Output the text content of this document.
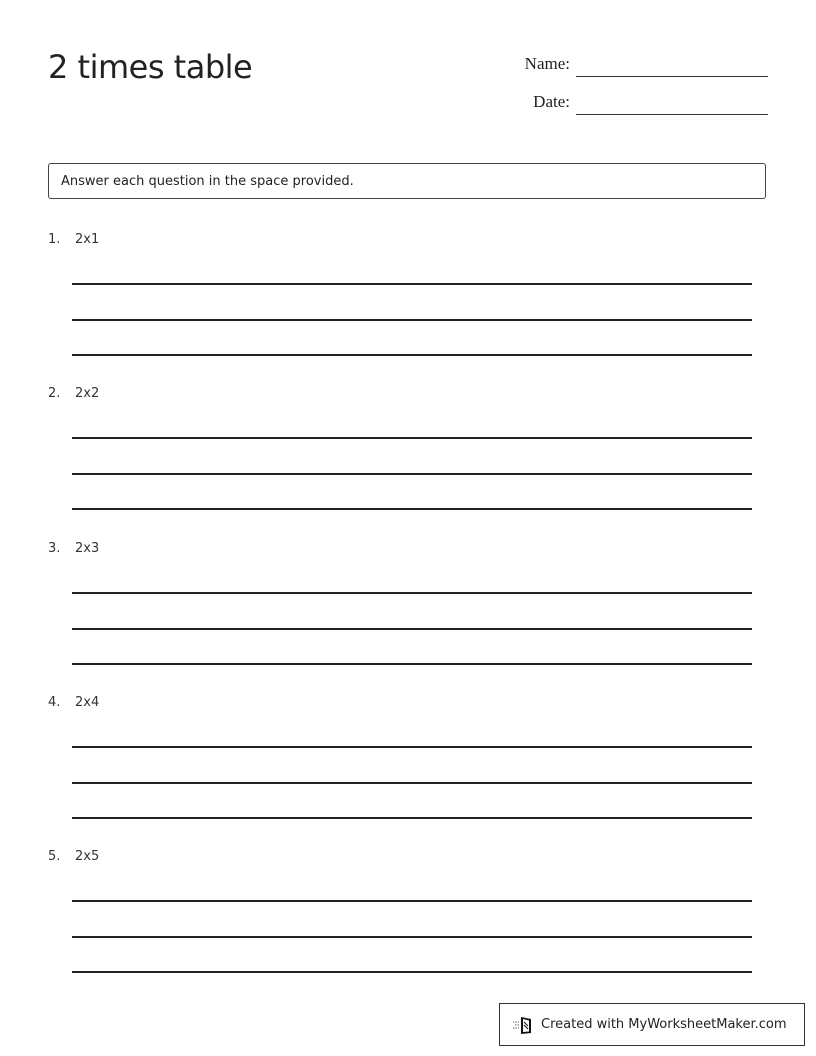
2 times table	Name:
Date:
Answer each question in the space provided.
1. 2x1
2. 2x2
3. 2x3
4. 2x4
5. 2x5
Created with MyWorksheetMaker.com
